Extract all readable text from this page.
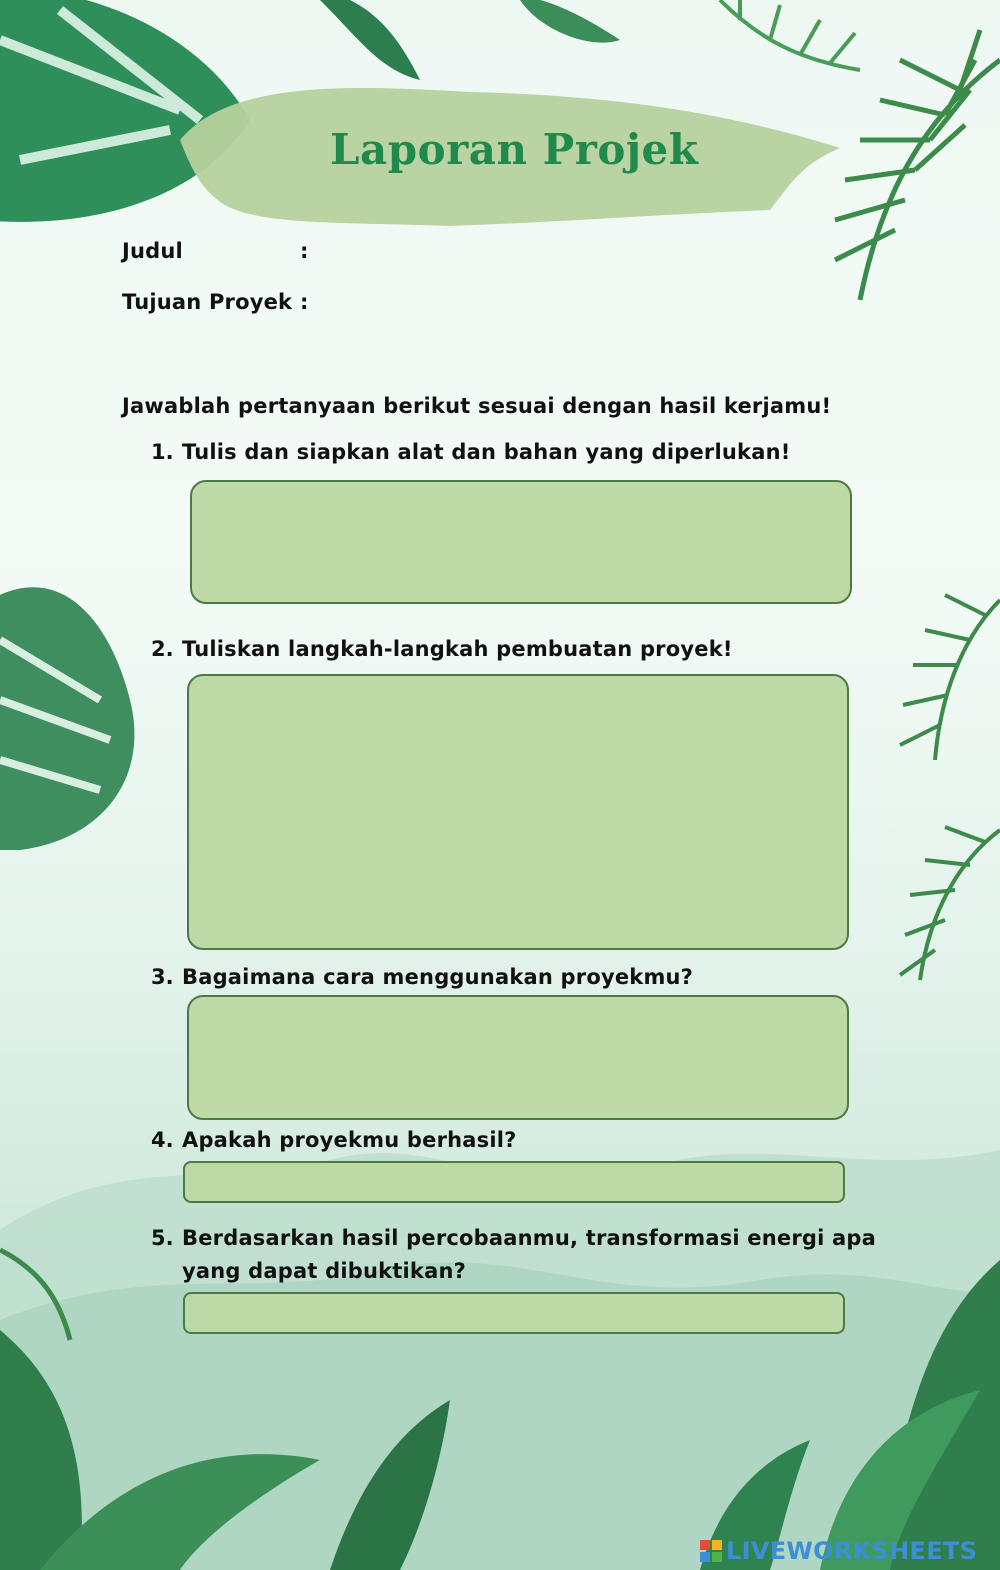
Laporan Projek
Judul	:
Tujuan Proyek :
Jawablah pertanyaan berikut sesuai dengan hasil kerjamu!
1. Tulis dan siapkan alat dan bahan yang diperlukan!
2. Tuliskan langkah-langkah pembuatan proyek!
3. Bagaimana cara menggunakan proyekmu?
4. Apakah proyekmu berhasil?
5. Berdasarkan hasil percobaanmu, transformasi energi apa
yang dapat dibuktikan?
LIVEWORKSHEETS
